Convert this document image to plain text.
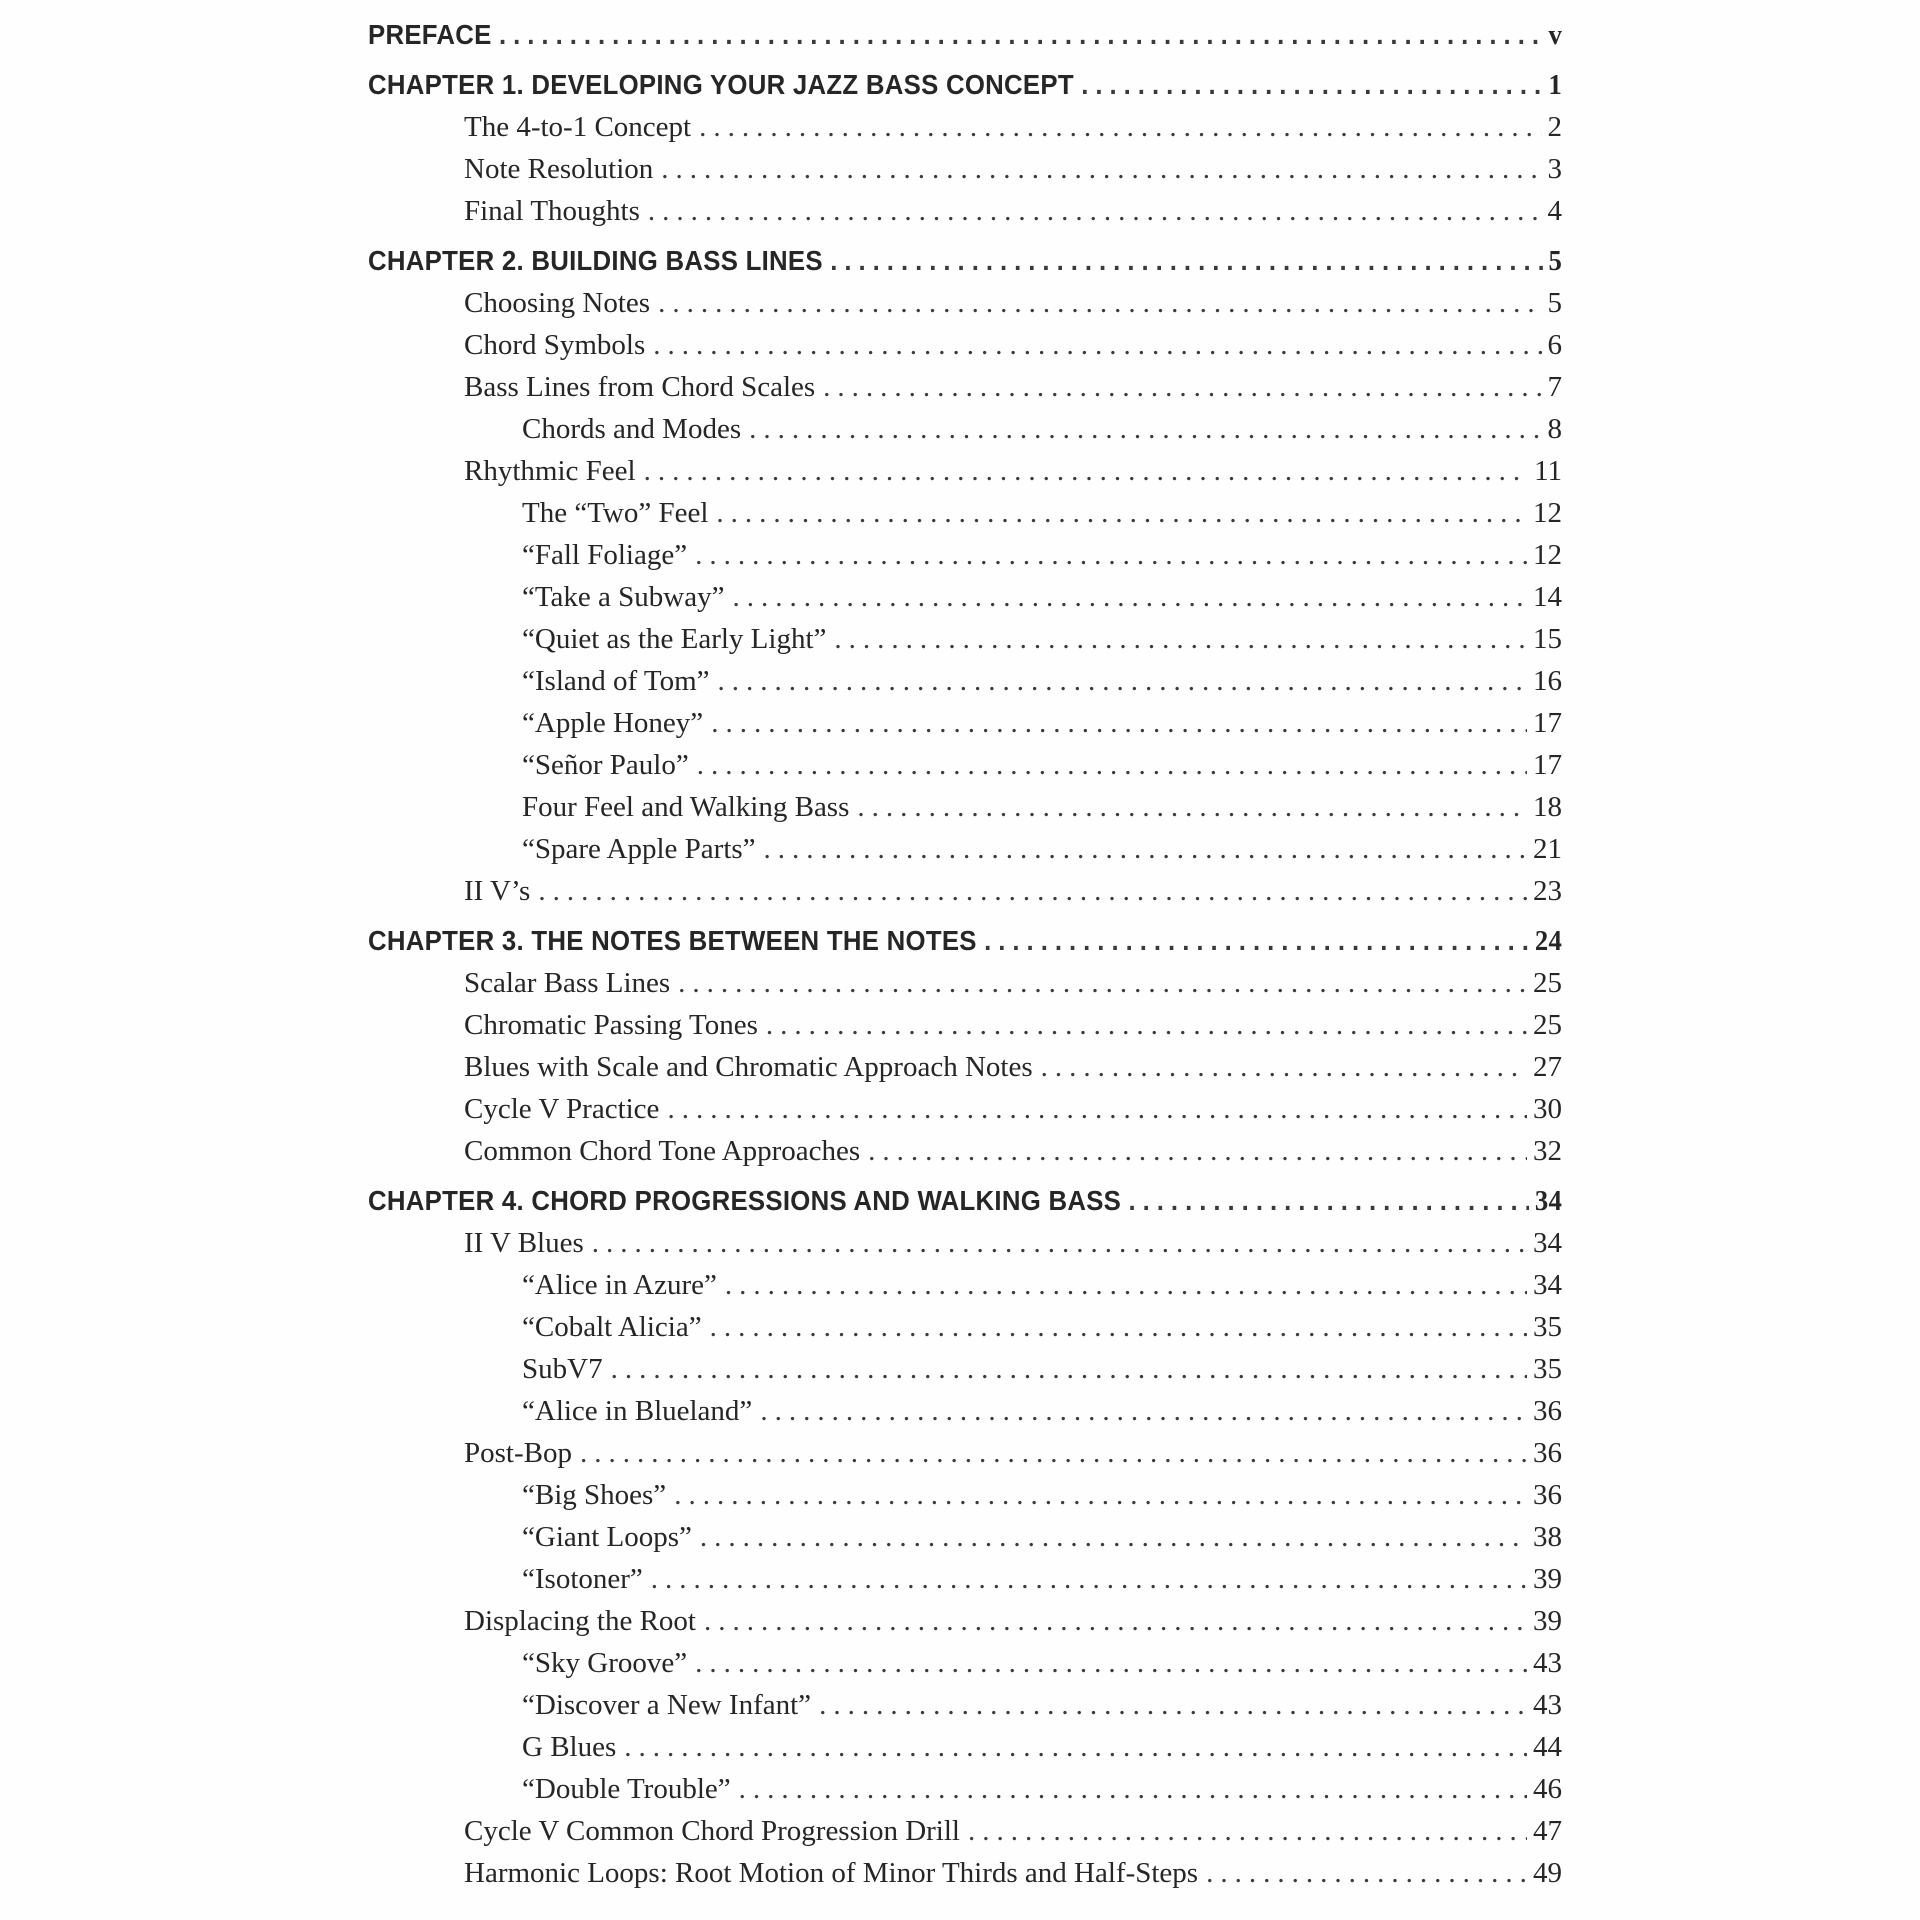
PREFACE .....	v
CHAPTER 1. DEVELOPING YOUR JAZZ BASS CONCEPT .....	1
The 4-to-1 Concept .....	2
Note Resolution .....	3
Final Thoughts .....	4
CHAPTER 2. BUILDING BASS LINES .....	5
Choosing Notes .....	5
Chord Symbols .....	6
Bass Lines from Chord Scales .....	7
Chords and Modes .....	8
Rhythmic Feel .....	11
The “Two” Feel .....	12
“Fall Foliage” .....	12
“Take a Subway” .....	14
“Quiet as the Early Light” .....	15
“Island of Tom” .....	16
“Apple Honey” .....	17
“Señor Paulo” .....	17
Four Feel and Walking Bass .....	18
“Spare Apple Parts” .....	21
II V’s .....	23
CHAPTER 3. THE NOTES BETWEEN THE NOTES .....	24
Scalar Bass Lines .....	25
Chromatic Passing Tones .....	25
Blues with Scale and Chromatic Approach Notes .....	27
Cycle V Practice .....	30
Common Chord Tone Approaches .....	32
CHAPTER 4. CHORD PROGRESSIONS AND WALKING BASS .....	34
II V Blues .....	34
“Alice in Azure” .....	34
“Cobalt Alicia” .....	35
SubV7 .....	35
“Alice in Blueland” .....	36
Post-Bop .....	36
“Big Shoes” .....	36
“Giant Loops” .....	38
“Isotoner” .....	39
Displacing the Root .....	39
“Sky Groove” .....	43
“Discover a New Infant” .....	43
G Blues .....	44
“Double Trouble” .....	46
Cycle V Common Chord Progression Drill .....	47
Harmonic Loops: Root Motion of Minor Thirds and Half-Steps .....	49
